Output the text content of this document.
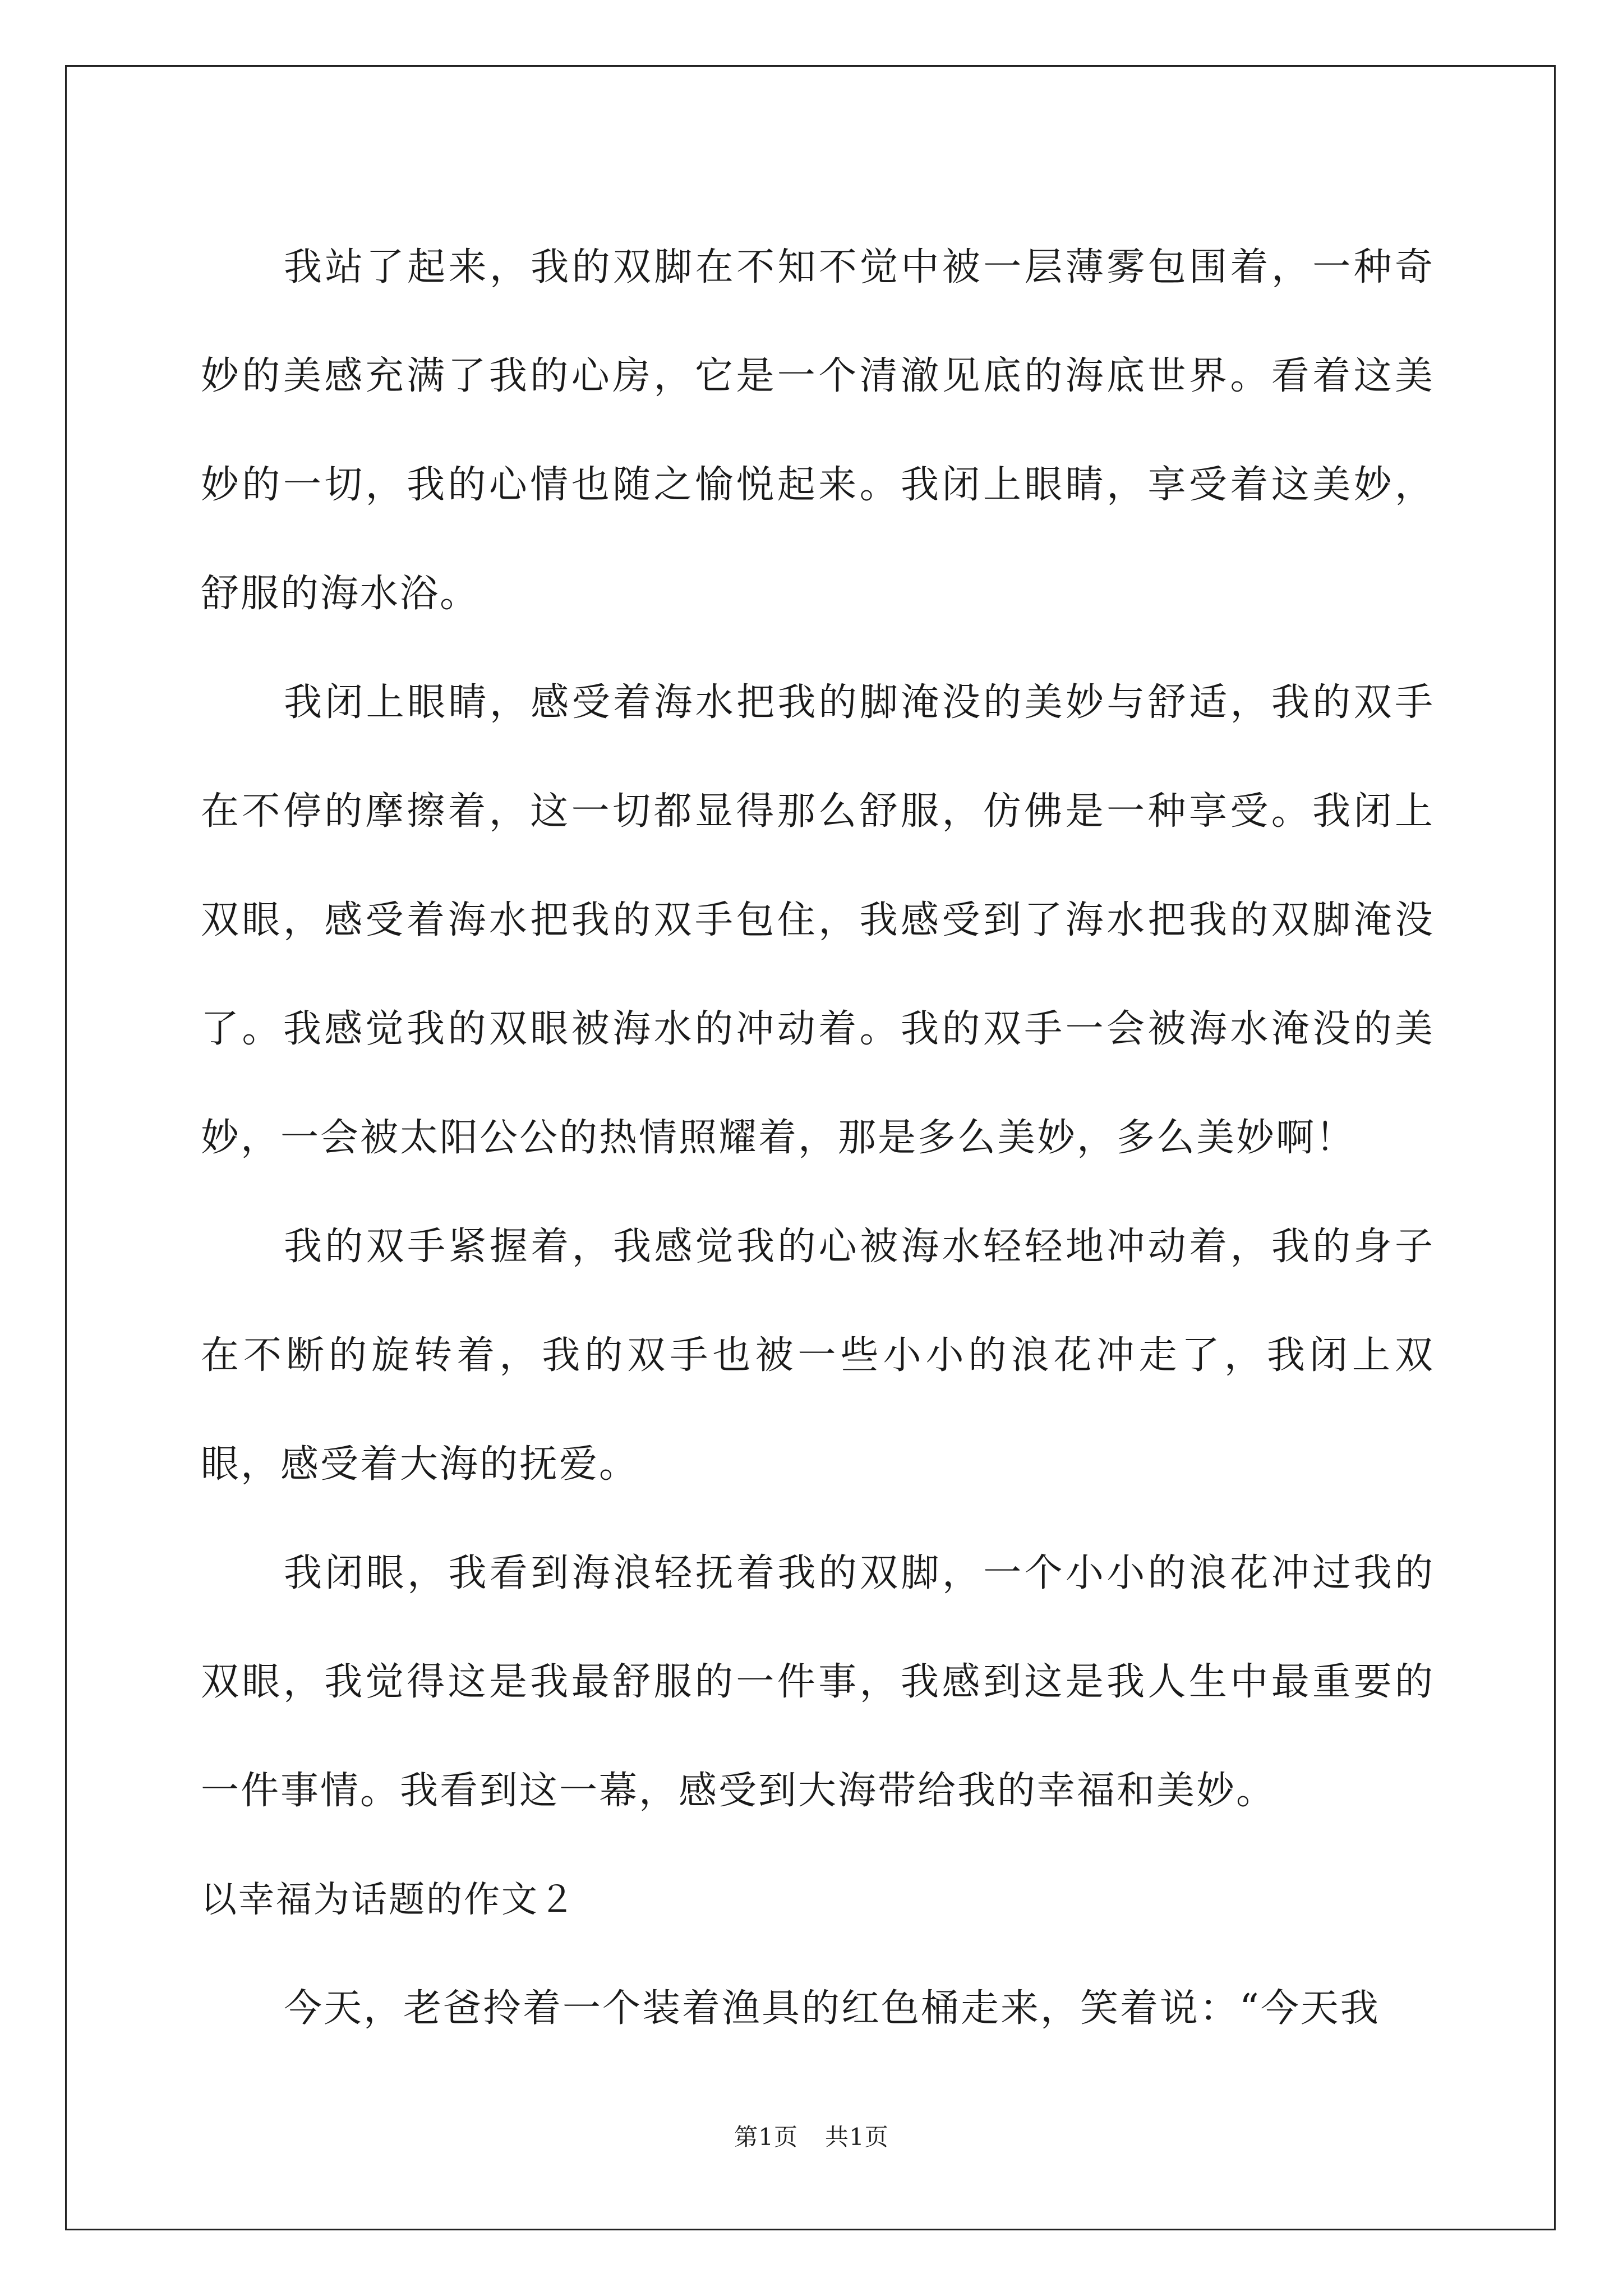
我站了起来，我的双脚在不知不觉中被一层薄雾包围着，一种奇妙的美感充满了我的心房，它是一个清澈见底的海底世界。看着这美妙的一切，我的心情也随之愉悦起来。我闭上眼睛，享受着这美妙，舒服的海水浴。

我闭上眼睛，感受着海水把我的脚淹没的美妙与舒适，我的双手在不停的摩擦着，这一切都显得那么舒服，仿佛是一种享受。我闭上双眼，感受着海水把我的双手包住，我感受到了海水把我的双脚淹没了。我感觉我的双眼被海水的冲动着。我的双手一会被海水淹没的美妙，一会被太阳公公的热情照耀着，那是多么美妙，多么美妙啊！

我的双手紧握着，我感觉我的心被海水轻轻地冲动着，我的身子在不断的旋转着，我的双手也被一些小小的浪花冲走了，我闭上双眼，感受着大海的抚爱。

我闭眼，我看到海浪轻抚着我的双脚，一个小小的浪花冲过我的双眼，我觉得这是我最舒服的一件事，我感到这是我人生中最重要的一件事情。我看到这一幕，感受到大海带给我的幸福和美妙。

以幸福为话题的作文２

今天，老爸拎着一个装着渔具的红色桶走来，笑着说：“今天我

第1页 共1页
